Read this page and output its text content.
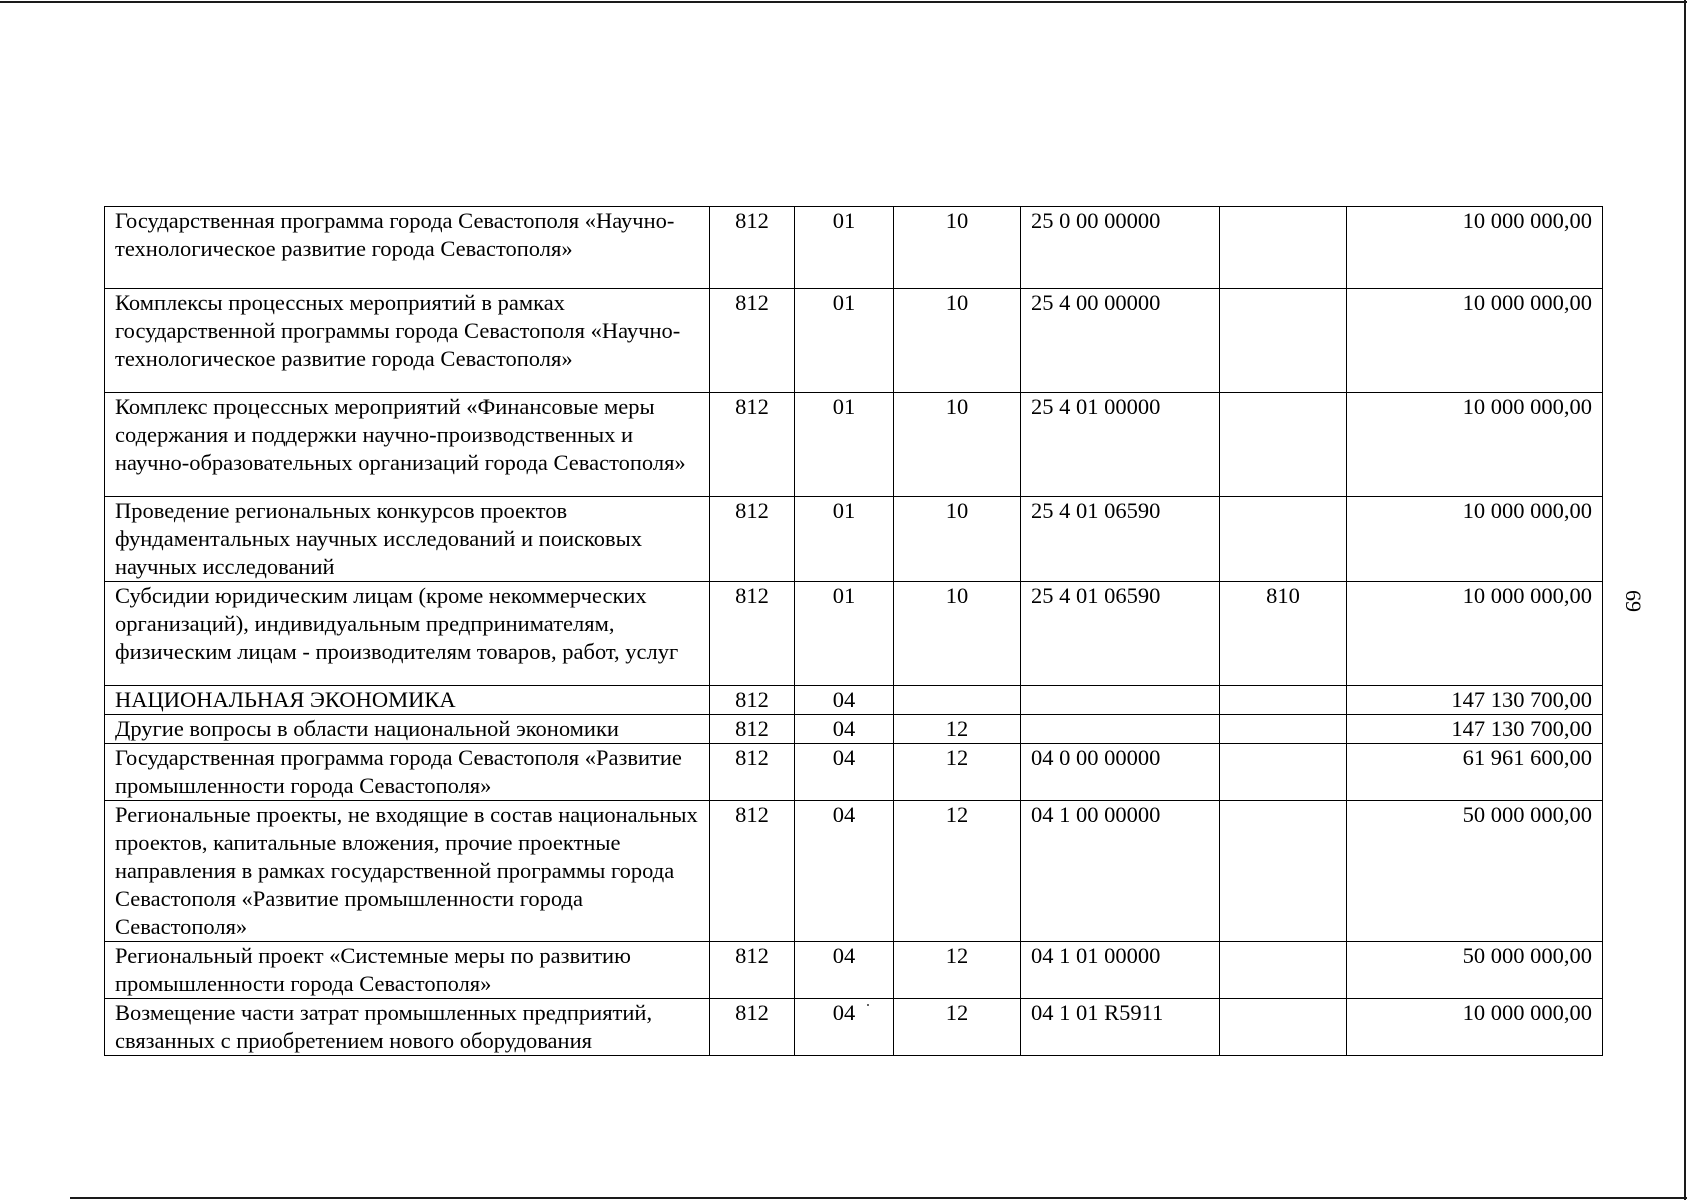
69
Государственная программа города Севастополя «Научно-технологическое развитие города Севастополя»	812	01	10	25 0 00 00000		10 000 000,00
Комплексы процессных мероприятий в рамках государственной программы города Севастополя «Научно-технологическое развитие города Севастополя»	812	01	10	25 4 00 00000		10 000 000,00
Комплекс процессных мероприятий «Финансовые меры содержания и поддержки научно-производственных и научно-образовательных организаций города Севастополя»	812	01	10	25 4 01 00000		10 000 000,00
Проведение региональных конкурсов проектов фундаментальных научных исследований и поисковых научных исследований	812	01	10	25 4 01 06590		10 000 000,00
Субсидии юридическим лицам (кроме некоммерческих организаций), индивидуальным предпринимателям, физическим лицам - производителям товаров, работ, услуг	812	01	10	25 4 01 06590	810	10 000 000,00
НАЦИОНАЛЬНАЯ ЭКОНОМИКА	812	04				147 130 700,00
Другие вопросы в области национальной экономики	812	04	12			147 130 700,00
Государственная программа города Севастополя «Развитие промышленности города Севастополя»	812	04	12	04 0 00 00000		61 961 600,00
Региональные проекты, не входящие в состав национальных проектов, капитальные вложения, прочие проектные направления в рамках государственной программы города Севастополя «Развитие промышленности города Севастополя»	812	04	12	04 1 00 00000		50 000 000,00
Региональный проект «Системные меры по развитию промышленности города Севастополя»	812	04	12	04 1 01 00000		50 000 000,00
Возмещение части затрат промышленных предприятий, связанных с приобретением нового оборудования	812	04	12	04 1 01 R5911		10 000 000,00
